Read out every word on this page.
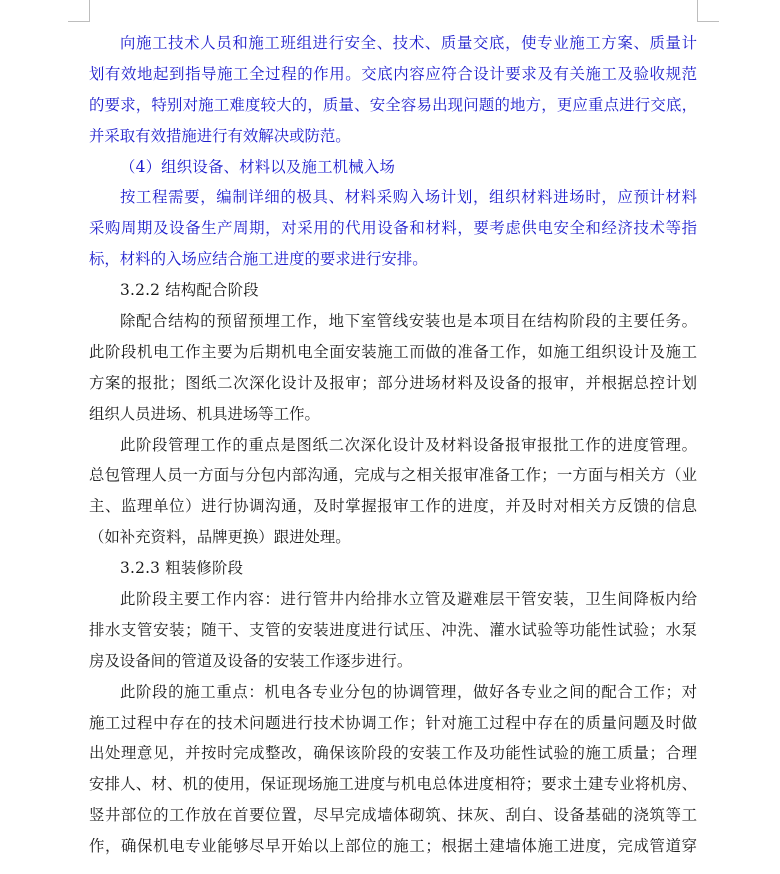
向施工技术人员和施工班组进行安全、技术、质量交底，使专业施工方案、质量计
划有效地起到指导施工全过程的作用。交底内容应符合设计要求及有关施工及验收规范
的要求，特别对施工难度较大的，质量、安全容易出现问题的地方，更应重点进行交底，
并采取有效措施进行有效解决或防范。
（4）组织设备、材料以及施工机械入场
按工程需要，编制详细的极具、材料采购入场计划，组织材料进场时，应预计材料
采购周期及设备生产周期，对采用的代用设备和材料，要考虑供电安全和经济技术等指
标，材料的入场应结合施工进度的要求进行安排。
3.2.2 结构配合阶段
除配合结构的预留预埋工作，地下室管线安装也是本项目在结构阶段的主要任务。
此阶段机电工作主要为后期机电全面安装施工而做的准备工作，如施工组织设计及施工
方案的报批；图纸二次深化设计及报审；部分进场材料及设备的报审，并根据总控计划
组织人员进场、机具进场等工作。
此阶段管理工作的重点是图纸二次深化设计及材料设备报审报批工作的进度管理。
总包管理人员一方面与分包内部沟通，完成与之相关报审准备工作；一方面与相关方（业
主、监理单位）进行协调沟通，及时掌握报审工作的进度，并及时对相关方反馈的信息
（如补充资料，品牌更换）跟进处理。
3.2.3 粗装修阶段
此阶段主要工作内容：进行管井内给排水立管及避难层干管安装，卫生间降板内给
排水支管安装；随干、支管的安装进度进行试压、冲洗、灌水试验等功能性试验；水泵
房及设备间的管道及设备的安装工作逐步进行。
此阶段的施工重点：机电各专业分包的协调管理，做好各专业之间的配合工作；对
施工过程中存在的技术问题进行技术协调工作；针对施工过程中存在的质量问题及时做
出处理意见，并按时完成整改，确保该阶段的安装工作及功能性试验的施工质量；合理
安排人、材、机的使用，保证现场施工进度与机电总体进度相符；要求土建专业将机房、
竖井部位的工作放在首要位置，尽早完成墙体砌筑、抹灰、刮白、设备基础的浇筑等工
作，确保机电专业能够尽早开始以上部位的施工；根据土建墙体施工进度，完成管道穿
